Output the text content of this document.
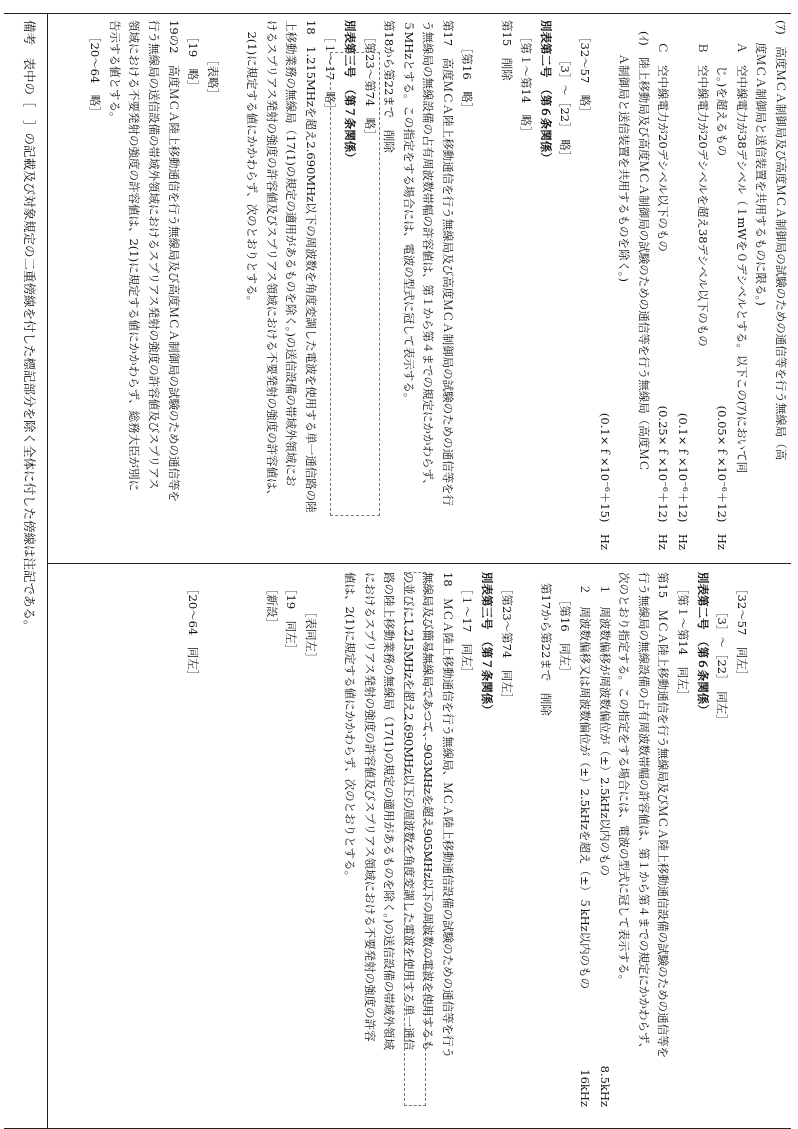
備考　表中の［　］の記載及び対象規定の二重傍線を付した標記部分を除く全体に付した傍線は注記である。	(ｱ)　高度ＭＣＡ制御局及び高度ＭＣＡ制御局の試験のための通信等を行う無線局（高
　度ＭＣＡ制御局と送信装置を共用するものに限る。)
Ａ　空中線電力が38デシベル（１mWを０デシベルとする。以下この(ｱ)において同
　じ。)を超えるもの
(0.05×ｆ×10⁻⁶＋12)　Hz
Ｂ　空中線電力が20デシベルを超え38デシベル以下のもの
(0.1×ｆ×10⁻⁶＋12)　Hz
Ｃ　空中線電力が20デシベル以下のもの
(0.25×ｆ×10⁻⁶＋12)　Hz
(ｲ)　陸上移動局及び高度ＭＣＡ制御局の試験のための通信等を行う無線局（高度ＭＣ
　Ａ制御局と送信装置を共用するものを除く。)
(0.1×ｆ×10⁻⁶＋15)　Hz
［32～57　略］
［3］～［22］　略］
別表第二号　（第６条関係）
［第１～第14　略］
第15　削除
［第16　略］
第17　高度ＭＣＡ陸上移動通信を行う無線局及び高度ＭＣＡ制御局の試験のための通信等を行
う無線局の無線設備の占有周波数帯幅の許容値は、第１から第４までの規定にかかわらず、
５MHzとする。この指定をする場合には、電波の型式に冠して表示する。
第18から第22まで　削除
［第23～第74　略］
別表第三号　（第７条関係）
［１～17　略］
18　1.215MHzを超え2.690MHz以下の周波数を角度変調した電波を使用する単一通信路の陸
上移動業務の無線局（17(1)の規定の適用があるものを除く。)の送信設備の帯域外領域にお
けるスプリアス発射の強度の許容値及びスプリアス領域における不要発射の強度の許容値は、
　2(1)に規定する値にかかわらず、次のとおりとする。
［表略］
［19　略］
19の2　高度ＭＣＡ陸上移動通信を行う無線局及び高度ＭＣＡ制御局の試験のための通信等を
行う無線局の送信設備の帯域外領域におけるスプリアス発射の強度の許容値及びスプリアス
領域における不要発射の強度の許容値は、2(1)に規定する値にかかわらず、総務大臣が別に
告示する値とする。
［20～64　略］
［32～57　同左］
［3］～［22］　同左］
別表第二号　（第６条関係）
［第１～第14　同左］
第15　ＭＣＡ陸上移動通信を行う無線局及びＭＣＡ陸上移動通信設備の試験のための通信等を
行う無線局の無線設備の占有周波数帯幅の許容値は、第１から第４までの規定にかかわらず、
次のとおり指定する。この指定をする場合には、電波の型式に冠して表示する。
　１　周波数偏移が周波数偏位が（±）2.5kHz以内のもの
8.5kHz
　２　周波数偏移又は周波数偏位が（±）2.5kHzを超え（±）５kHz以内のもの
16kHz
［第16　同左］
第17から第22まで　削除
［第23～第74　同左］
別表第三号　（第７条関係）
［１～17　同左］
18　ＭＣＡ陸上移動通信を行う無線局、ＭＣＡ陸上移動通信設備の試験のための通信等を行う
無線局及び簡易無線局であつて、903MHzを超え905MHz以下の周波数の電波を使用するも
の並びに1.215MHzを超え2.690MHz以下の周波数を角度変調した電波を使用する単一通信
路の陸上移動業務の無線局（17(1)の規定の適用があるものを除く。)の送信設備の帯域外領域
におけるスプリアス発射の強度の許容値及びスプリアス領域における不要発射の強度の許容
値は、2(1)に規定する値にかかわらず、次のとおりとする。
［表同左］
［19　同左］
［新設］
［20～64　同左］
